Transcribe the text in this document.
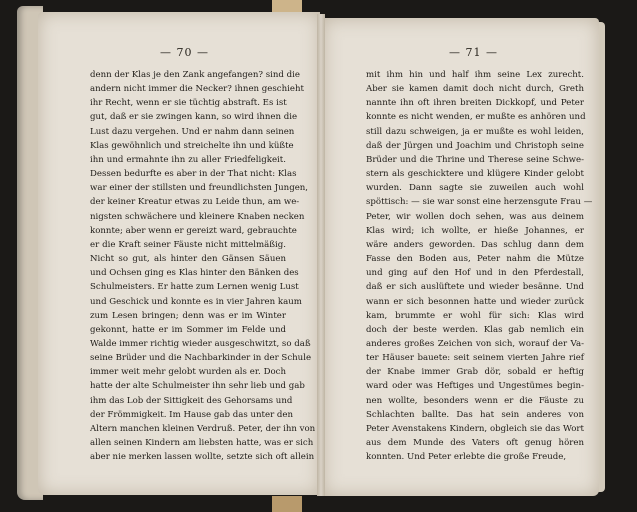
— 70 —	— 71 —
denn der Klas je den Zank angefangen? sind die
andern nicht immer die Necker? ihnen geschieht
ihr Recht, wenn er sie tüchtig abstraft. Es ist
gut, daß er sie zwingen kann, so wird ihnen die
Lust dazu vergehen. Und er nahm dann seinen
Klas gewöhnlich und streichelte ihn und küßte
ihn und ermahnte ihn zu aller Friedfeligkeit.
Dessen bedurfte es aber in der That nicht: Klas
war einer der stillsten und freundlichsten Jungen,
der keiner Kreatur etwas zu Leide thun, am we-
nigsten schwächere und kleinere Knaben necken
konnte; aber wenn er gereizt ward, gebrauchte
er die Kraft seiner Fäuste nicht mittelmäßig.
Nicht so gut, als hinter den Gänsen Säuen
und Ochsen ging es Klas hinter den Bänken des
Schulmeisters. Er hatte zum Lernen wenig Lust
und Geschick und konnte es in vier Jahren kaum
zum Lesen bringen; denn was er im Winter
gekonnt, hatte er im Sommer im Felde und
Walde immer richtig wieder ausgeschwitzt, so daß
seine Brüder und die Nachbarkinder in der Schule
immer weit mehr gelobt wurden als er. Doch
hatte der alte Schulmeister ihn sehr lieb und gab
ihm das Lob der Sittigkeit des Gehorsams und
der Frömmigkeit. Im Hause gab das unter den
Altern manchen kleinen Verdruß. Peter, der ihn von
allen seinen Kindern am liebsten hatte, was er sich
aber nie merken lassen wollte, setzte sich oft allein
mit ihm hin und half ihm seine Lex zurecht.
Aber sie kamen damit doch nicht durch, Greth
nannte ihn oft ihren breiten Dickkopf, und Peter
konnte es nicht wenden, er mußte es anhören und
still dazu schweigen, ja er mußte es wohl leiden,
daß der Jürgen und Joachim und Christoph seine
Brüder und die Thrine und Therese seine Schwe-
stern als geschicktere und klügere Kinder gelobt
wurden. Dann sagte sie zuweilen auch wohl
spöttisch: — sie war sonst eine herzensgute Frau —
Peter, wir wollen doch sehen, was aus deinem
Klas wird; ich wollte, er hieße Johannes, er
wäre anders geworden. Das schlug dann dem
Fasse den Boden aus, Peter nahm die Mütze
und ging auf den Hof und in den Pferdestall,
daß er sich auslüftete und wieder besänne. Und
wann er sich besonnen hatte und wieder zurück
kam, brummte er wohl für sich: Klas wird
doch der beste werden. Klas gab nemlich ein
anderes großes Zeichen von sich, worauf der Va-
ter Häuser bauete: seit seinem vierten Jahre rief
der Knabe immer Grab dör, sobald er heftig
ward oder was Heftiges und Ungestümes begin-
nen wollte, besonders wenn er die Fäuste zu
Schlachten ballte. Das hat sein anderes von
Peter Avenstakens Kindern, obgleich sie das Wort
aus dem Munde des Vaters oft genug hören
konnten. Und Peter erlebte die große Freude,
